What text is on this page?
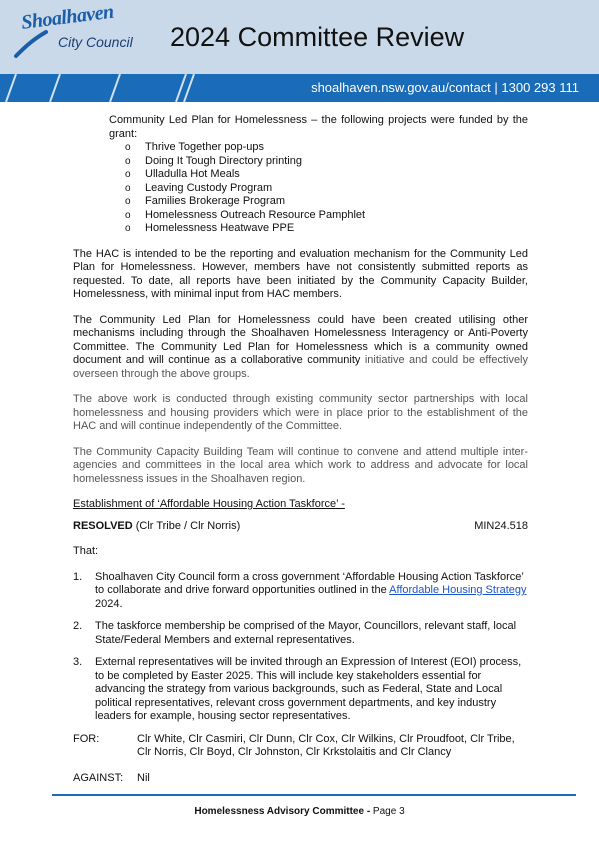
Shoalhaven
City Council 2024 Committee Review
shoalhaven.nsw.gov.au/contact | 1300 293 111

Community Led Plan for Homelessness – the following projects were funded by the grant:

o Thrive Together pop-ups
o Doing It Tough Directory printing
o Ulladulla Hot Meals
o Leaving Custody Program
o Families Brokerage Program
o Homelessness Outreach Resource Pamphlet
o Homelessness Heatwave PPE

The HAC is intended to be the reporting and evaluation mechanism for the Community Led Plan for Homelessness. However, members have not consistently submitted reports as requested. To date, all reports have been initiated by the Community Capacity Builder, Homelessness, with minimal input from HAC members.

The Community Led Plan for Homelessness could have been created utilising other mechanisms including through the Shoalhaven Homelessness Interagency or Anti-Poverty Committee. The Community Led Plan for Homelessness which is a community owned document and will continue as a collaborative community initiative and could be effectively overseen through the above groups.

The above work is conducted through existing community sector partnerships with local homelessness and housing providers which were in place prior to the establishment of the HAC and will continue independently of the Committee.

The Community Capacity Building Team will continue to convene and attend multiple inter-agencies and committees in the local area which work to address and advocate for local homelessness issues in the Shoalhaven region.

Establishment of ‘Affordable Housing Action Taskforce’ -
RESOLVED (Clr Tribe / Clr Norris)	MIN24.518
That:
1. Shoalhaven City Council form a cross government ‘Affordable Housing Action Taskforce’ to collaborate and drive forward opportunities outlined in the Affordable Housing Strategy 2024.
2. The taskforce membership be comprised of the Mayor, Councillors, relevant staff, local State/Federal Members and external representatives.
3. External representatives will be invited through an Expression of Interest (EOI) process, to be completed by Easter 2025. This will include key stakeholders essential for advancing the strategy from various backgrounds, such as Federal, State and Local political representatives, relevant cross government departments, and key industry leaders for example, housing sector representatives.
FOR:	Clr White, Clr Casmiri, Clr Dunn, Clr Cox, Clr Wilkins, Clr Proudfoot, Clr Tribe, Clr Norris, Clr Boyd, Clr Johnston, Clr Krkstolaitis and Clr Clancy
AGAINST:	Nil
Homelessness Advisory Committee - Page 3
